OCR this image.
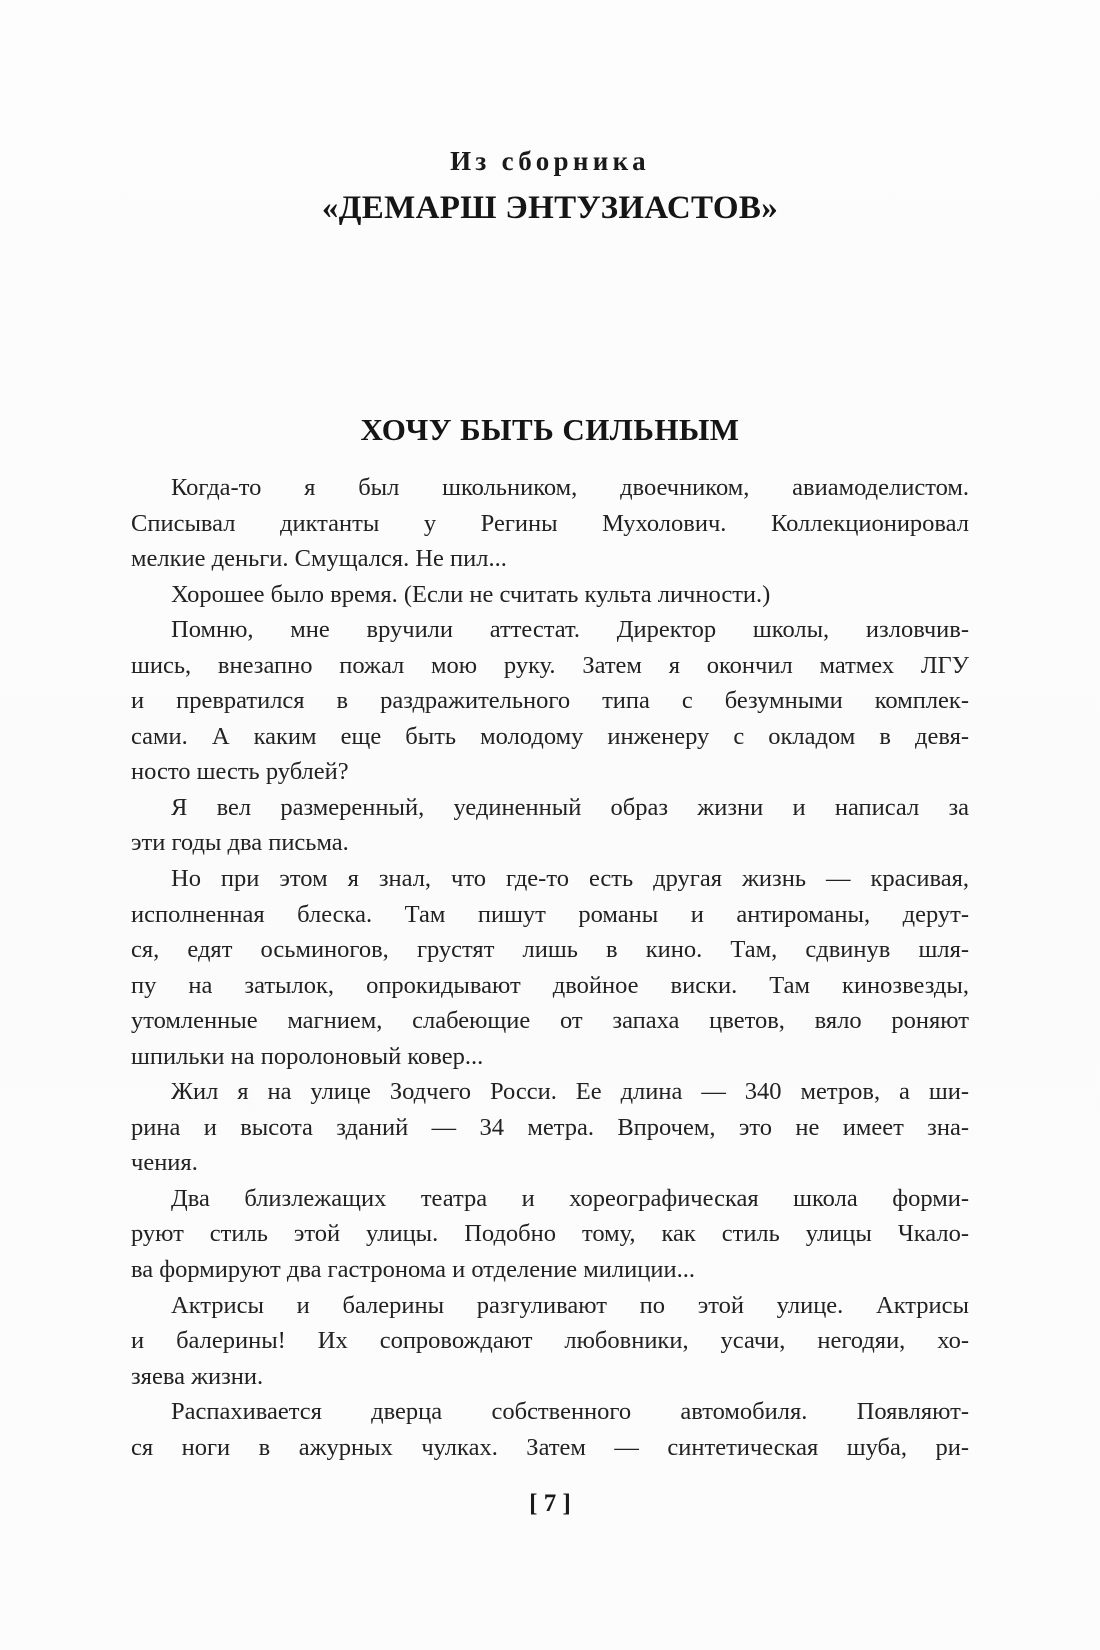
Из сборника
«ДЕМАРШ ЭНТУЗИАСТОВ»
ХОЧУ БЫТЬ СИЛЬНЫМ
Когда-то я был школьником, двоечником, авиамоделистом.
Списывал диктанты у Регины Мухолович. Коллекционировал
мелкие деньги. Смущался. Не пил...
Хорошее было время. (Если не считать культа личности.)
Помню, мне вручили аттестат. Директор школы, изловчив-
шись, внезапно пожал мою руку. Затем я окончил матмех ЛГУ
и превратился в раздражительного типа с безумными комплек-
сами. А каким еще быть молодому инженеру с окладом в девя-
носто шесть рублей?
Я вел размеренный, уединенный образ жизни и написал за
эти годы два письма.
Но при этом я знал, что где-то есть другая жизнь — красивая,
исполненная блеска. Там пишут романы и антироманы, дерут-
ся, едят осьминогов, грустят лишь в кино. Там, сдвинув шля-
пу на затылок, опрокидывают двойное виски. Там кинозвезды,
утомленные магнием, слабеющие от запаха цветов, вяло роняют
шпильки на поролоновый ковер...
Жил я на улице Зодчего Росси. Ее длина — 340 метров, а ши-
рина и высота зданий — 34 метра. Впрочем, это не имеет зна-
чения.
Два близлежащих театра и хореографическая школа форми-
руют стиль этой улицы. Подобно тому, как стиль улицы Чкало-
ва формируют два гастронома и отделение милиции...
Актрисы и балерины разгуливают по этой улице. Актрисы
и балерины! Их сопровождают любовники, усачи, негодяи, хо-
зяева жизни.
Распахивается дверца собственного автомобиля. Появляют-
ся ноги в ажурных чулках. Затем — синтетическая шуба, ри-
[ 7 ]
